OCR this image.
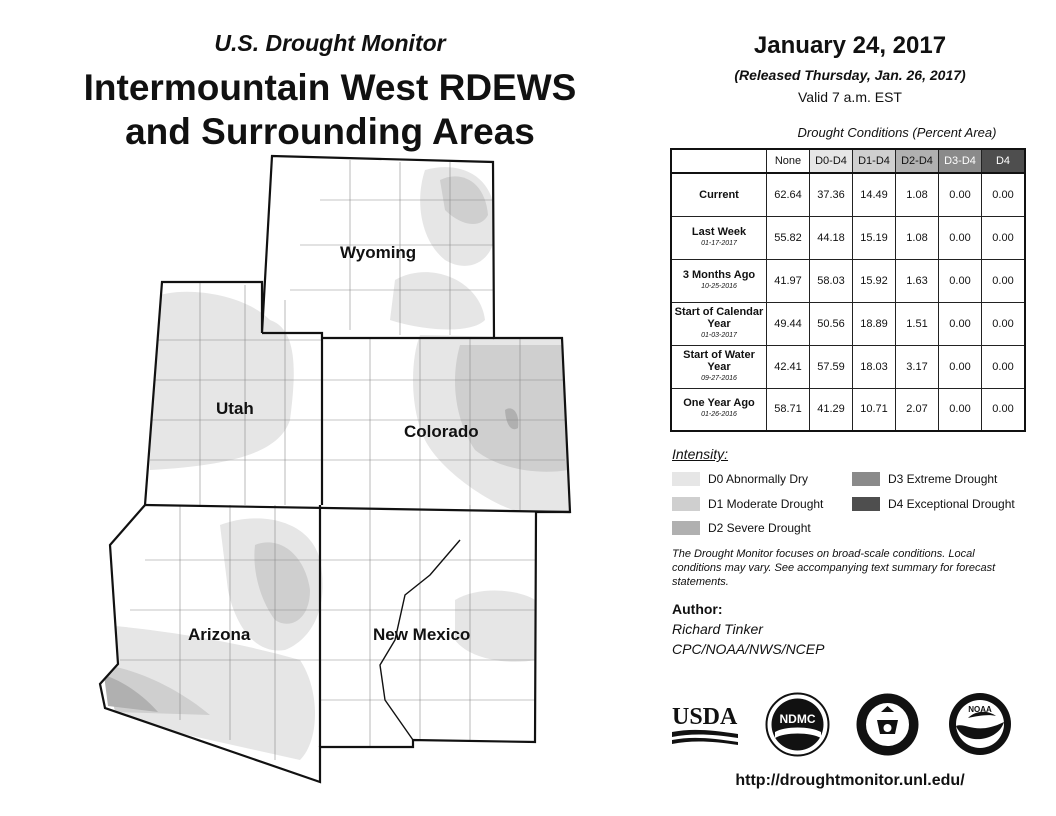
Wyoming
Utah
Colorado
Arizona	New Mexico
U.S. Drought Monitor
Intermountain West RDEWS
and Surrounding Areas
January 24, 2017
(Released Thursday, Jan. 26, 2017)
Valid 7 a.m. EST
Drought Conditions (Percent Area)
	None	D0-D4	D1-D4	D2-D4	D3-D4	D4
Current	62.64	37.36	14.49	1.08	0.00	0.00
Last Week
01-17-2017	55.82	44.18	15.19	1.08	0.00	0.00
3 Months Ago
10-25-2016	41.97	58.03	15.92	1.63	0.00	0.00
Start of Calendar Year
01-03-2017	49.44	50.56	18.89	1.51	0.00	0.00
Start of Water Year
09-27-2016	42.41	57.59	18.03	3.17	0.00	0.00
One Year Ago
01-26-2016	58.71	41.29	10.71	2.07	0.00	0.00
Intensity:
D0 Abnormally Dry
D1 Moderate Drought
D2 Severe Drought
D3 Extreme Drought
D4 Exceptional Drought
The Drought Monitor focuses on broad-scale conditions. Local conditions may vary. See accompanying text summary for forecast statements.
Author:
Richard Tinker
CPC/NOAA/NWS/NCEP
USDA	NDMC
NOAA
http://droughtmonitor.unl.edu/
